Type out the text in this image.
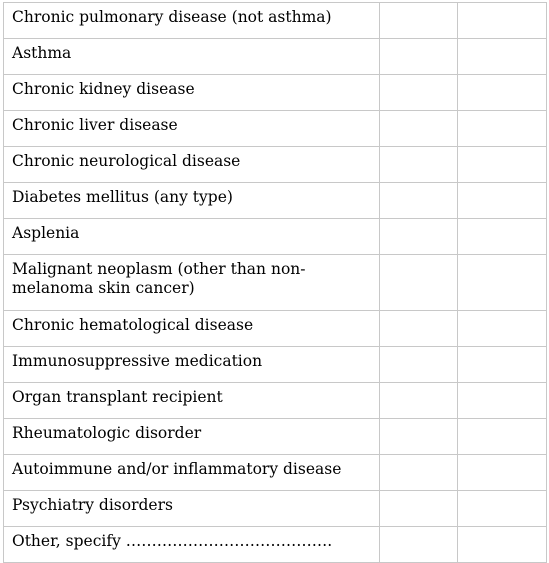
Chronic pulmonary disease (not asthma)		

Asthma		

Chronic kidney disease		

Chronic liver disease		

Chronic neurological disease		

Diabetes mellitus (any type)		

Asplenia		

Malignant neoplasm (other than non-melanoma skin cancer)		

Chronic hematological disease		

Immunosuppressive medication		

Organ transplant recipient		

Rheumatologic disorder		

Autoimmune and/or inflammatory disease		

Psychiatry disorders		

Other, specify ………………………………….		
